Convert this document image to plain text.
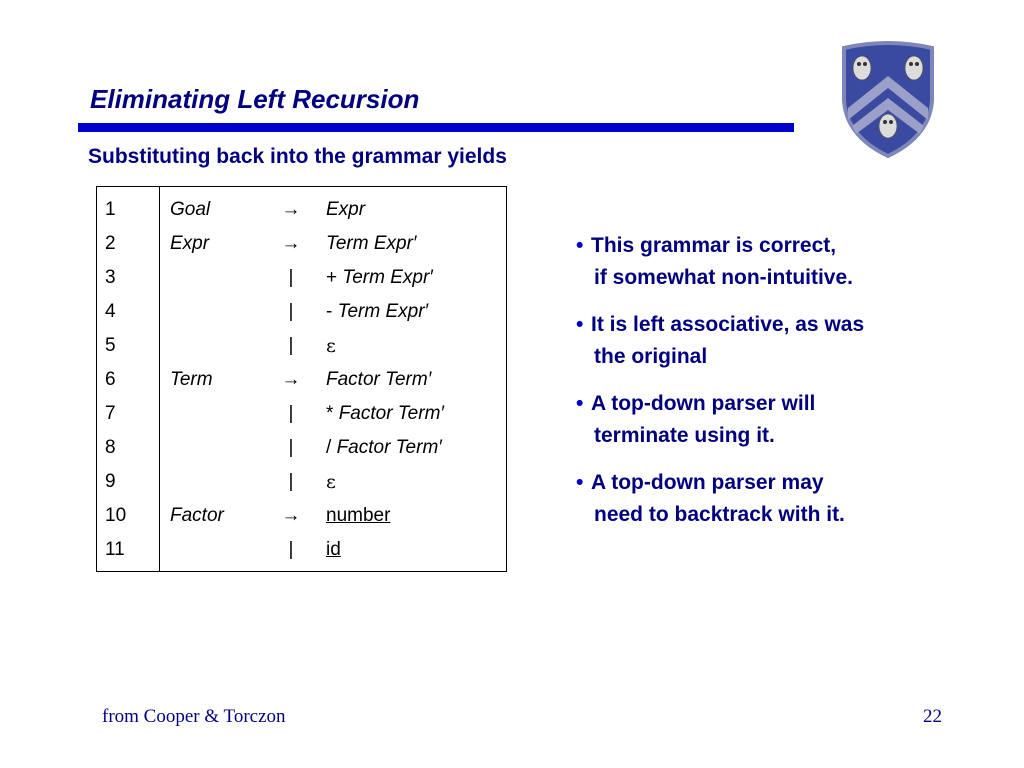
Eliminating Left Recursion
Substituting back into the grammar yields
1	Goal	→	Expr
2	Expr	→	Term Expr′
3		|	+ Term Expr′
4		|	- Term Expr′
5		|	ε
6	Term	→	Factor Term′
7		|	* Factor Term′
8		|	/ Factor Term′
9		|	ε
10	Factor	→	number
11		|	id
• This grammar is correct,
if somewhat non-intuitive.
• It is left associative, as was
the original
• A top-down parser will
terminate using it.
• A top-down parser may
need to backtrack with it.
from Cooper & Torczon	22
